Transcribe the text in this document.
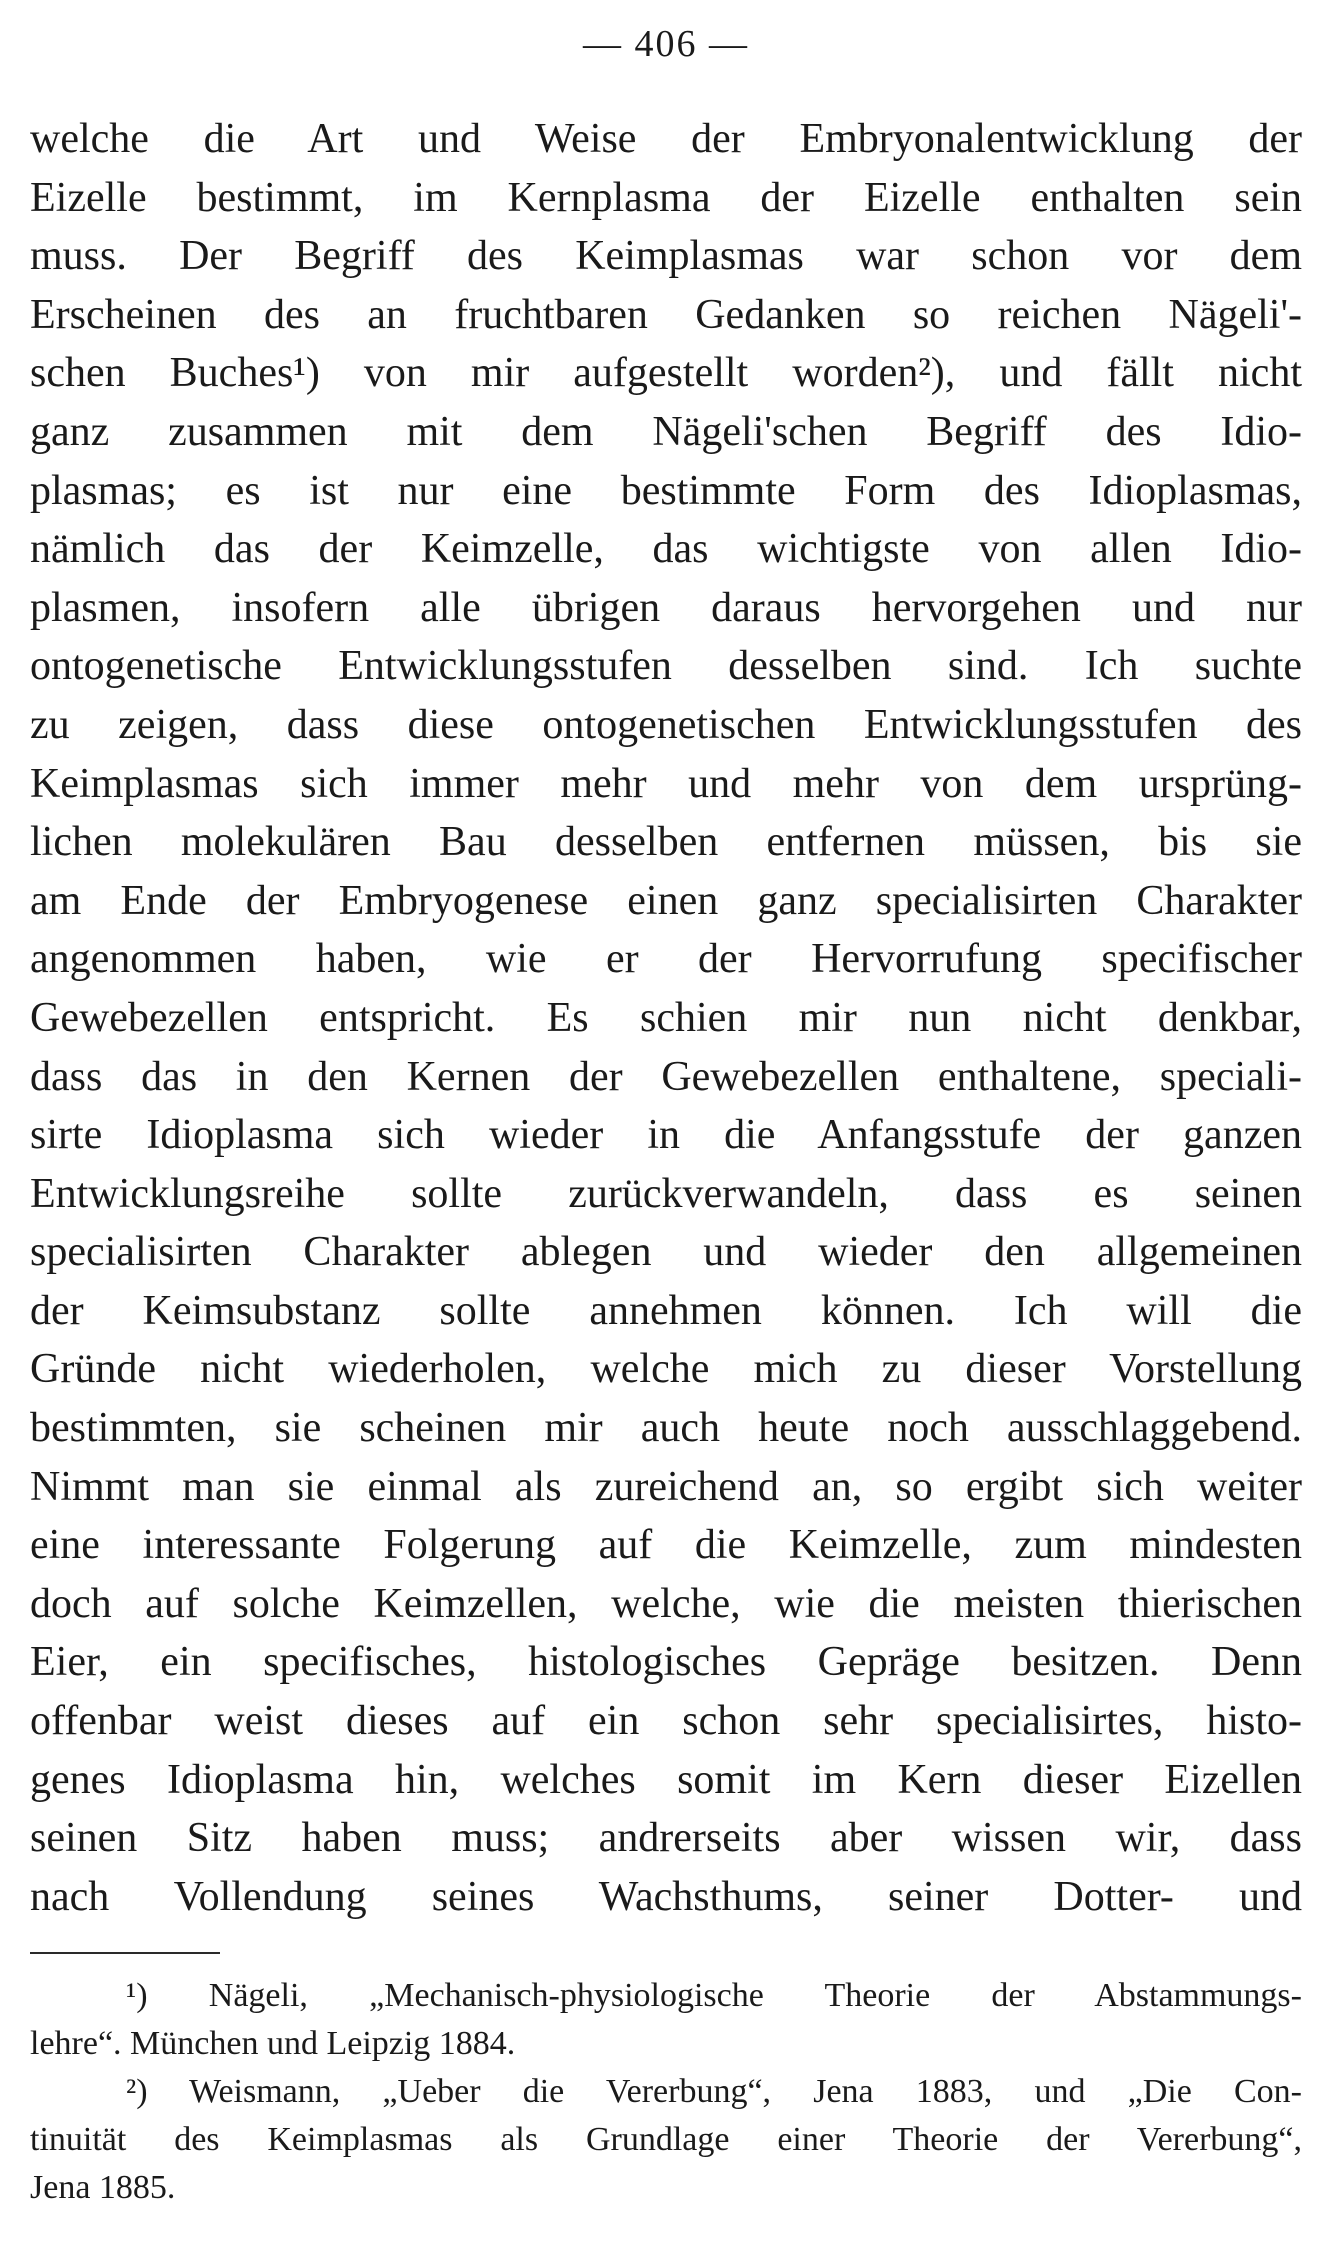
— 406 —
welche die Art und Weise der Embryonalentwicklung der
Eizelle bestimmt, im Kernplasma der Eizelle enthalten sein
muss. Der Begriff des Keimplasmas war schon vor dem
Erscheinen des an fruchtbaren Gedanken so reichen Nägeli'-
schen Buches¹) von mir aufgestellt worden²), und fällt nicht
ganz zusammen mit dem Nägeli'schen Begriff des Idio-
plasmas; es ist nur eine bestimmte Form des Idioplasmas,
nämlich das der Keimzelle, das wichtigste von allen Idio-
plasmen, insofern alle übrigen daraus hervorgehen und nur
ontogenetische Entwicklungsstufen desselben sind. Ich suchte
zu zeigen, dass diese ontogenetischen Entwicklungsstufen des
Keimplasmas sich immer mehr und mehr von dem ursprüng-
lichen molekulären Bau desselben entfernen müssen, bis sie
am Ende der Embryogenese einen ganz specialisirten Charakter
angenommen haben, wie er der Hervorrufung specifischer
Gewebezellen entspricht. Es schien mir nun nicht denkbar,
dass das in den Kernen der Gewebezellen enthaltene, speciali-
sirte Idioplasma sich wieder in die Anfangsstufe der ganzen
Entwicklungsreihe sollte zurückverwandeln, dass es seinen
specialisirten Charakter ablegen und wieder den allgemeinen
der Keimsubstanz sollte annehmen können. Ich will die
Gründe nicht wiederholen, welche mich zu dieser Vorstellung
bestimmten, sie scheinen mir auch heute noch ausschlaggebend.
Nimmt man sie einmal als zureichend an, so ergibt sich weiter
eine interessante Folgerung auf die Keimzelle, zum mindesten
doch auf solche Keimzellen, welche, wie die meisten thierischen
Eier, ein specifisches, histologisches Gepräge besitzen. Denn
offenbar weist dieses auf ein schon sehr specialisirtes, histo-
genes Idioplasma hin, welches somit im Kern dieser Eizellen
seinen Sitz haben muss; andrerseits aber wissen wir, dass
nach Vollendung seines Wachsthums, seiner Dotter- und
¹) Nägeli, „Mechanisch-physiologische Theorie der Abstammungs-
lehre“. München und Leipzig 1884.
²) Weismann, „Ueber die Vererbung“, Jena 1883, und „Die Con-
tinuität des Keimplasmas als Grundlage einer Theorie der Vererbung“,
Jena 1885.
